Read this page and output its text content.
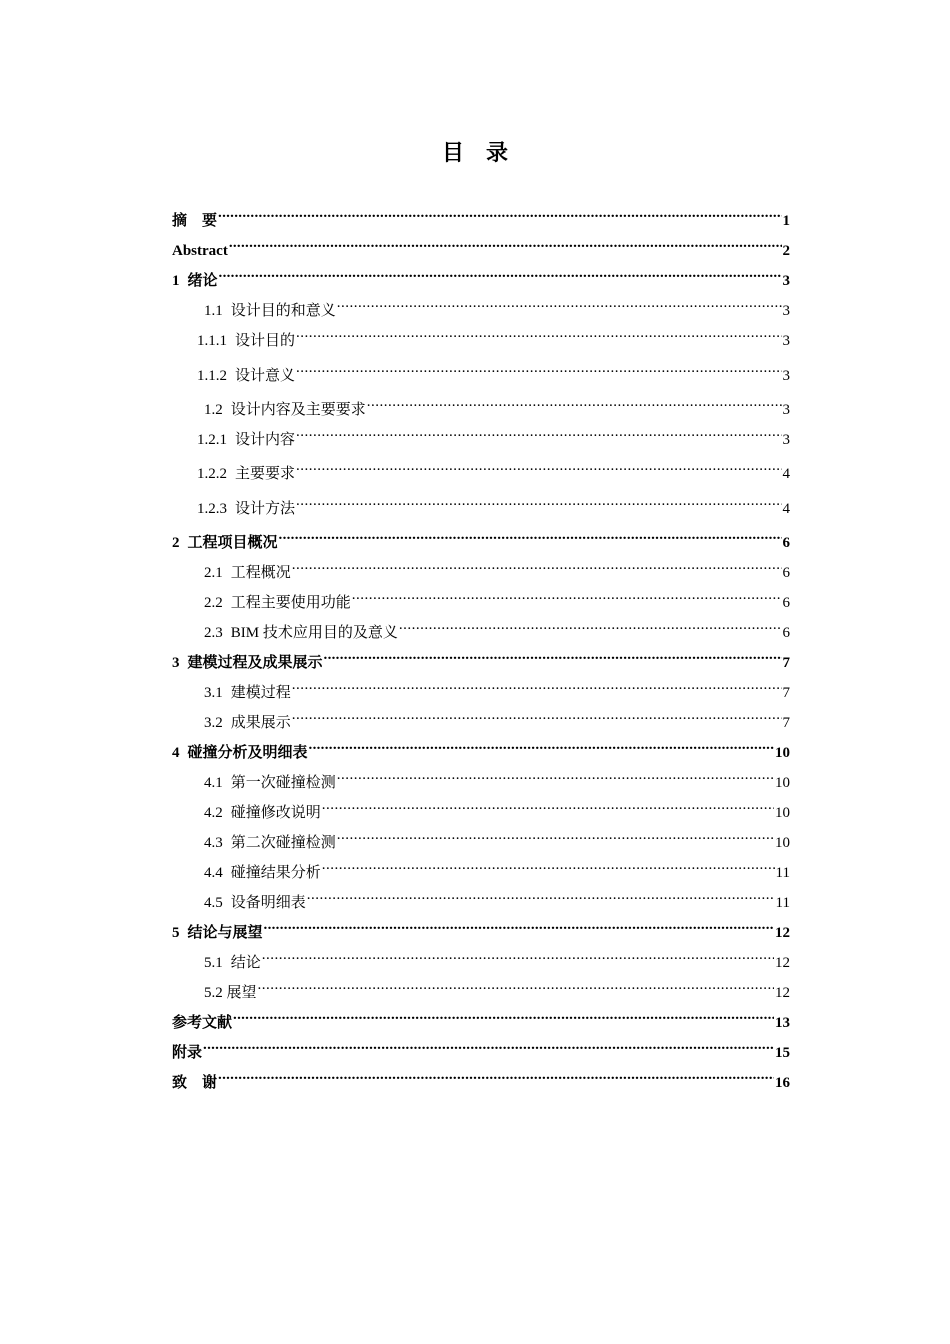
目　录
摘　要 .....	1
Abstract .....	2
1 绪论 .....	3
1.1 设计目的和意义 .....	3
1.1.1 设计目的 .....	3
1.1.2 设计意义 .....	3
1.2 设计内容及主要要求 .....	3
1.2.1 设计内容 .....	3
1.2.2 主要要求 .....	4
1.2.3 设计方法 .....	4
2 工程项目概况 .....	6
2.1 工程概况 .....	6
2.2 工程主要使用功能 .....	6
2.3 BIM 技术应用目的及意义 .....	6
3 建模过程及成果展示 .....	7
3.1 建模过程 .....	7
3.2 成果展示 .....	7
4 碰撞分析及明细表 .....	10
4.1 第一次碰撞检测 .....	10
4.2 碰撞修改说明 .....	10
4.3 第二次碰撞检测 .....	10
4.4 碰撞结果分析 .....	11
4.5 设备明细表 .....	11
5 结论与展望 .....	12
5.1 结论 .....	12
5.2 展望 .....	12
参考文献 .....	13
附录 .....	15
致　谢 .....	16
